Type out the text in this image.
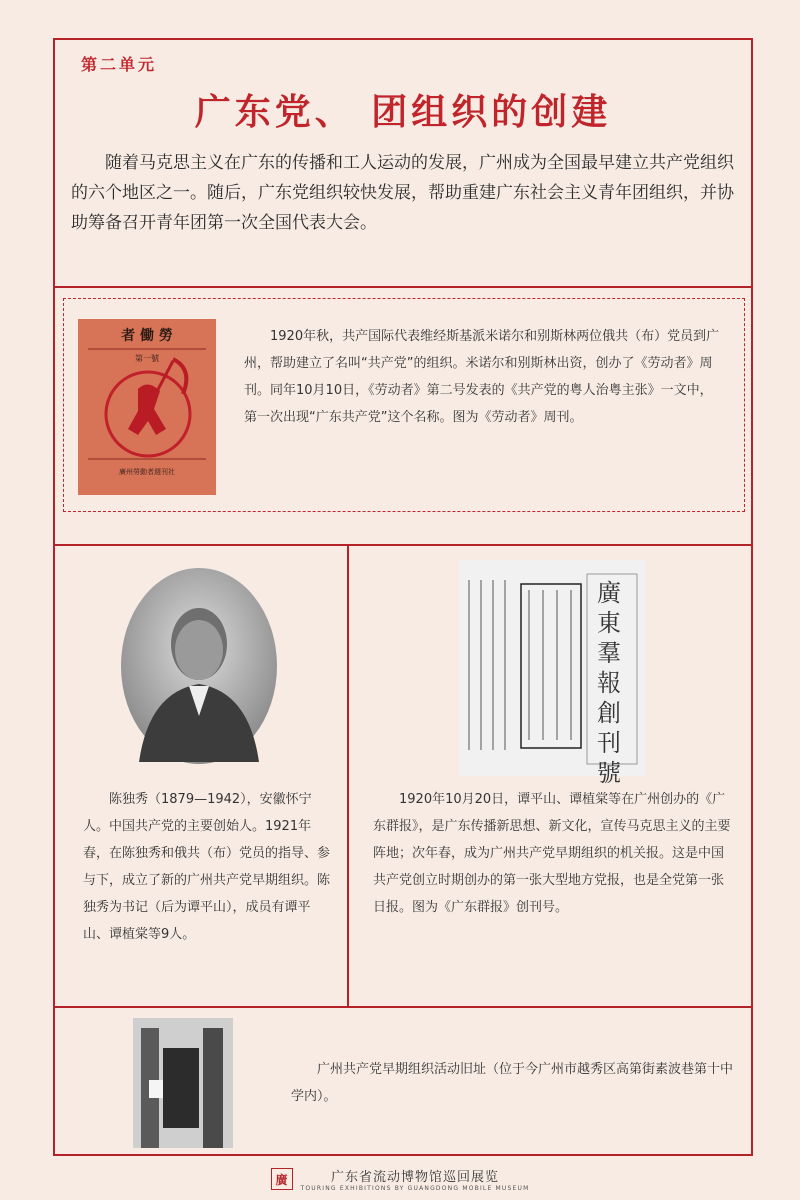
第二单元
广东党、 团组织的创建
随着马克思主义在广东的传播和工人运动的发展，广州成为全国最早建立共产党组织的六个地区之一。随后，广东党组织较快发展，帮助重建广东社会主义青年团组织，并协助筹备召开青年团第一次全国代表大会。
者 働 勞
第一號
廣州勞動者週刊社
1920年秋，共产国际代表维经斯基派米诺尔和别斯林两位俄共（布）党员到广州，帮助建立了名叫“共产党”的组织。米诺尔和别斯林出资，创办了《劳动者》周刊。同年10月10日，《劳动者》第二号发表的《共产党的粤人治粤主张》一文中，第一次出现“广东共产党”这个名称。图为《劳动者》周刊。
陈独秀（1879—1942），安徽怀宁人。中国共产党的主要创始人。1921年春，在陈独秀和俄共（布）党员的指导、参与下，成立了新的广州共产党早期组织。陈独秀为书记（后为谭平山），成员有谭平山、谭植棠等9人。
廣東羣報創刊號
1920年10月20日，谭平山、谭植棠等在广州创办的《广东群报》，是广东传播新思想、新文化，宣传马克思主义的主要阵地；次年春，成为广州共产党早期组织的机关报。这是中国共产党创立时期创办的第一张大型地方党报，也是全党第一张日报。图为《广东群报》创刊号。
广州共产党早期组织活动旧址（位于今广州市越秀区高第街素波巷第十中学内）。
廣	广东省流动博物馆巡回展览
TOURING EXHIBITIONS BY GUANGDONG MOBILE MUSEUM
